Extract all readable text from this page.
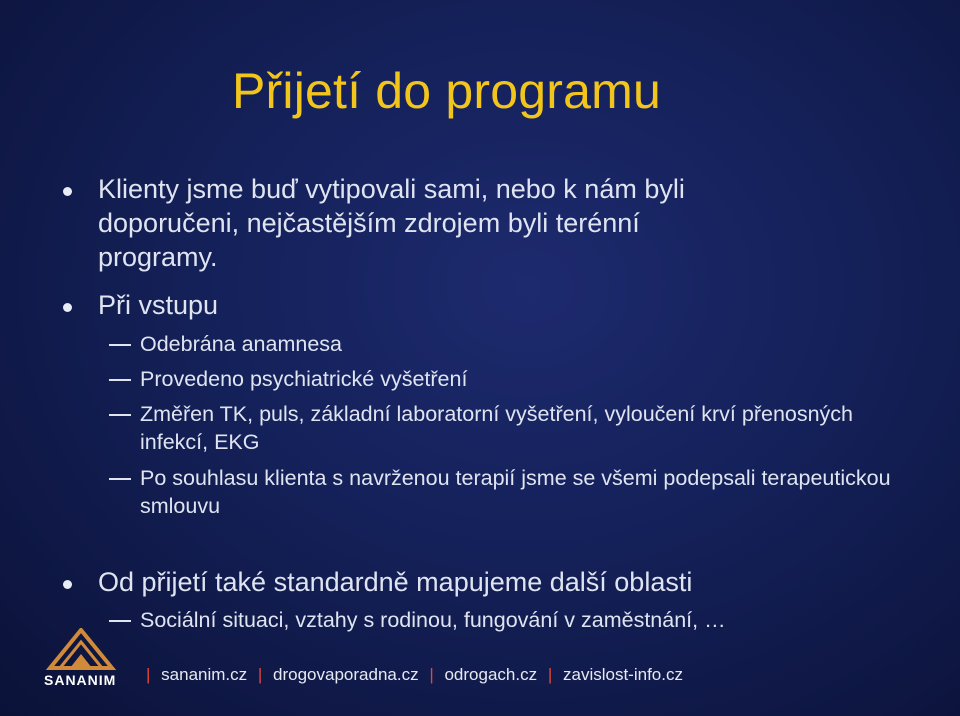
Přijetí do programu
Klienty jsme buď vytipovali sami, nebo k nám byli doporučeni, nejčastějším zdrojem byli terénní programy.
Při vstupu
Odebrána anamnesa
Provedeno psychiatrické vyšetření
Změřen TK, puls, základní laboratorní vyšetření, vyloučení krví přenosných infekcí, EKG
Po souhlasu klienta s navrženou terapií jsme se všemi podepsali terapeutickou smlouvu
Od přijetí také standardně mapujeme další oblasti
Sociální situaci, vztahy s rodinou, fungování v zaměstnání, …
SANANIM	| sananim.cz | drogovaporadna.cz | odrogach.cz | zavislost-info.cz
